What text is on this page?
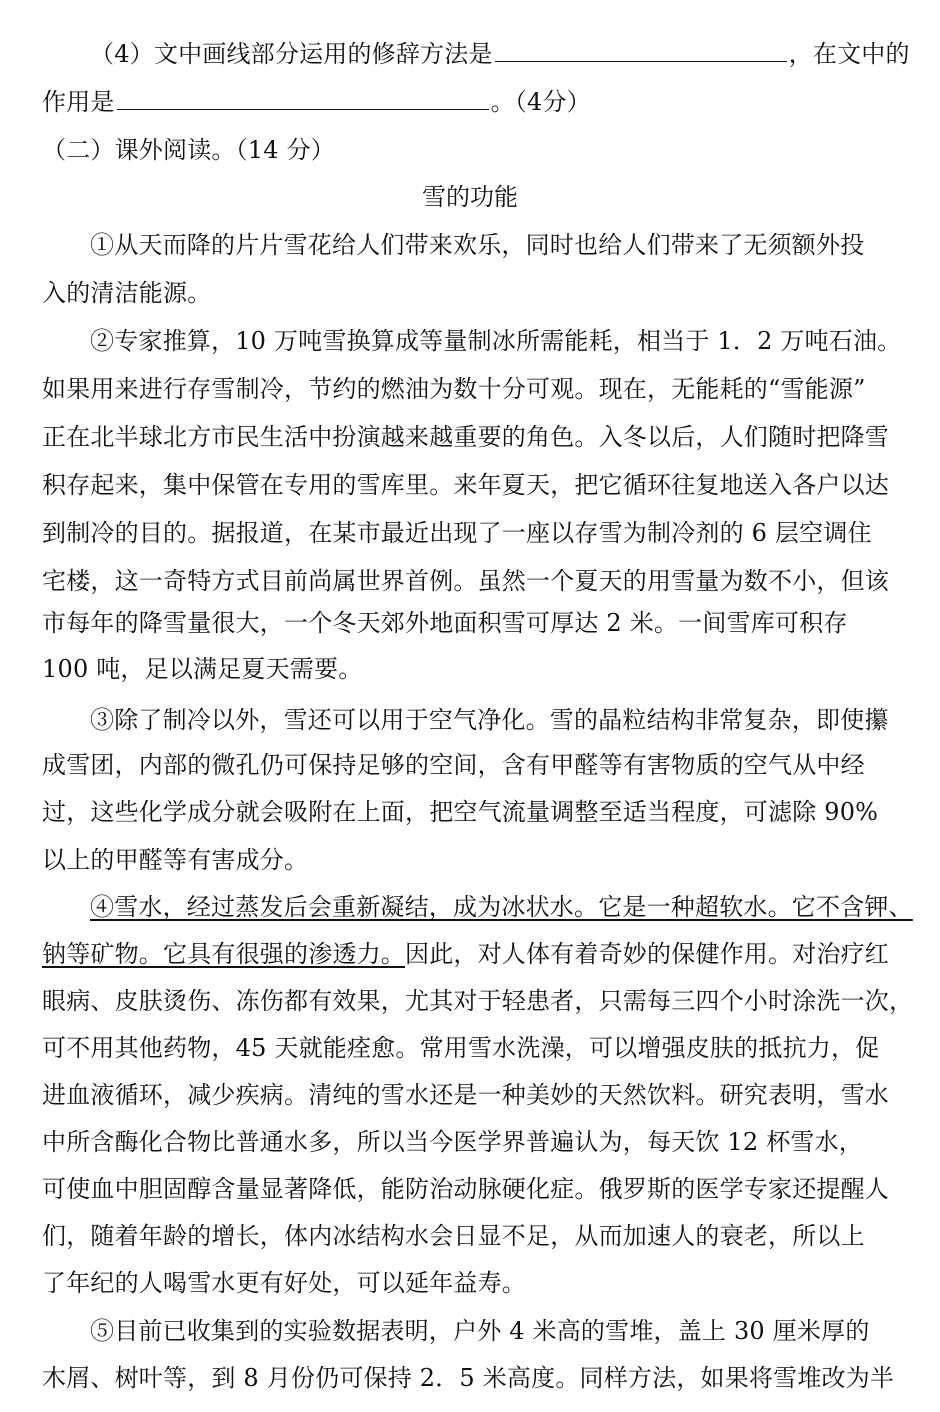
（4）文中画线部分运用的修辞方法是	，在文中的
作用是	。（4分）
（二）课外阅读。（14 分）
雪的功能
①从天而降的片片雪花给人们带来欢乐，同时也给人们带来了无须额外投
入的清洁能源。
②专家推算，10 万吨雪换算成等量制冰所需能耗，相当于 1．2 万吨石油。
如果用来进行存雪制冷，节约的燃油为数十分可观。现在，无能耗的“雪能源”
正在北半球北方市民生活中扮演越来越重要的角色。入冬以后，人们随时把降雪
积存起来，集中保管在专用的雪库里。来年夏天，把它循环往复地送入各户以达
到制冷的目的。据报道，在某市最近出现了一座以存雪为制冷剂的 6 层空调住
宅楼，这一奇特方式目前尚属世界首例。虽然一个夏天的用雪量为数不小，但该
市每年的降雪量很大，一个冬天郊外地面积雪可厚达 2 米。一间雪库可积存
100 吨，足以满足夏天需要。
③除了制冷以外，雪还可以用于空气净化。雪的晶粒结构非常复杂，即使攥
成雪团，内部的微孔仍可保持足够的空间，含有甲醛等有害物质的空气从中经
过，这些化学成分就会吸附在上面，把空气流量调整至适当程度，可滤除 90%
以上的甲醛等有害成分。
④雪水，经过蒸发后会重新凝结，成为冰状水。它是一种超软水。它不含钾、
钠等矿物。它具有很强的渗透力。因此，对人体有着奇妙的保健作用。对治疗红
眼病、皮肤烫伤、冻伤都有效果，尤其对于轻患者，只需每三四个小时涂洗一次，
可不用其他药物，45 天就能痊愈。常用雪水洗澡，可以增强皮肤的抵抗力，促
进血液循环，减少疾病。清纯的雪水还是一种美妙的天然饮料。研究表明，雪水
中所含酶化合物比普通水多，所以当今医学界普遍认为，每天饮 12 杯雪水，
可使血中胆固醇含量显著降低，能防治动脉硬化症。俄罗斯的医学专家还提醒人
们，随着年龄的增长，体内冰结构水会日显不足，从而加速人的衰老，所以上
了年纪的人喝雪水更有好处，可以延年益寿。
⑤目前已收集到的实验数据表明，户外 4 米高的雪堆，盖上 30 厘米厚的
木屑、树叶等，到 8 月份仍可保持 2．5 米高度。同样方法，如果将雪堆改为半
